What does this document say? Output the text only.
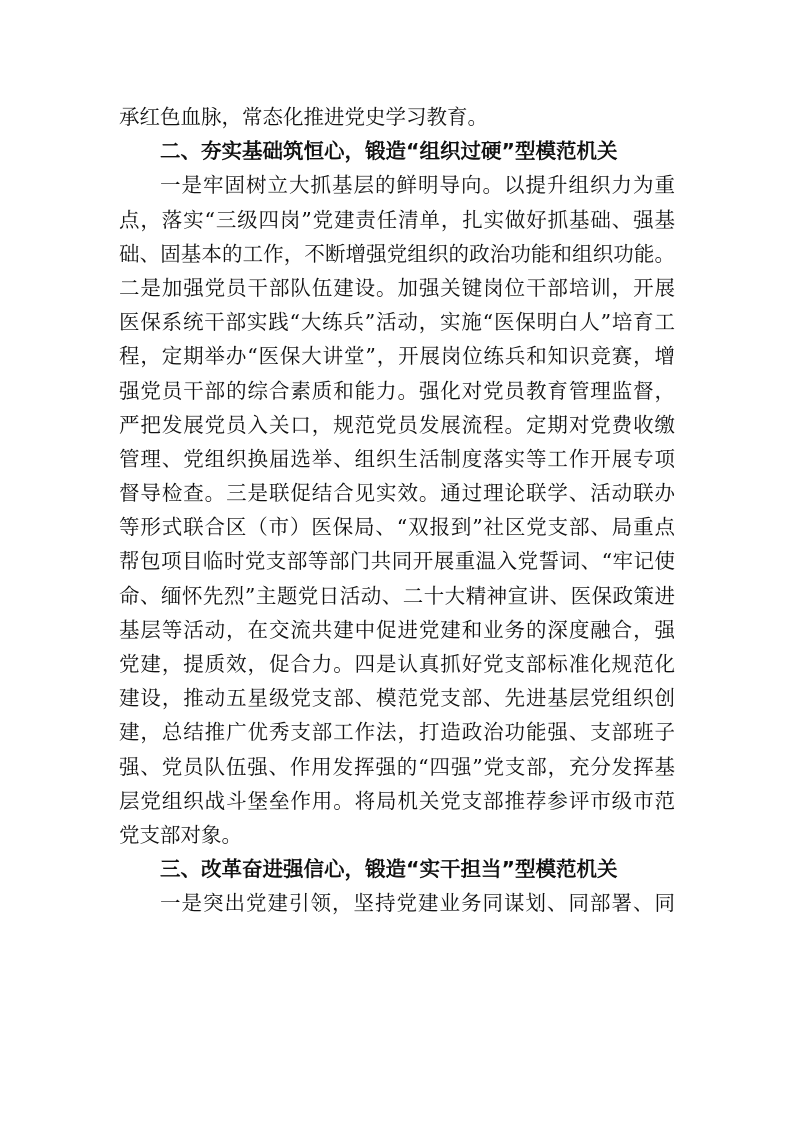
承红色血脉，常态化推进党史学习教育。
二、夯实基础筑恒心，锻造“组织过硬”型模范机关
一是牢固树立大抓基层的鲜明导向。以提升组织力为重
点，落实“三级四岗”党建责任清单，扎实做好抓基础、强基
础、固基本的工作，不断增强党组织的政治功能和组织功能。
二是加强党员干部队伍建设。加强关键岗位干部培训，开展
医保系统干部实践“大练兵”活动，实施“医保明白人”培育工
程，定期举办“医保大讲堂”，开展岗位练兵和知识竞赛，增
强党员干部的综合素质和能力。强化对党员教育管理监督，
严把发展党员入关口，规范党员发展流程。定期对党费收缴
管理、党组织换届选举、组织生活制度落实等工作开展专项
督导检查。三是联促结合见实效。通过理论联学、活动联办
等形式联合区（市）医保局、“双报到”社区党支部、局重点
帮包项目临时党支部等部门共同开展重温入党誓词、“牢记使
命、缅怀先烈”主题党日活动、二十大精神宣讲、医保政策进
基层等活动，在交流共建中促进党建和业务的深度融合，强
党建，提质效，促合力。四是认真抓好党支部标准化规范化
建设，推动五星级党支部、模范党支部、先进基层党组织创
建，总结推广优秀支部工作法，打造政治功能强、支部班子
强、党员队伍强、作用发挥强的“四强”党支部，充分发挥基
层党组织战斗堡垒作用。将局机关党支部推荐参评市级市范
党支部对象。
三、改革奋进强信心，锻造“实干担当”型模范机关
一是突出党建引领，坚持党建业务同谋划、同部署、同
